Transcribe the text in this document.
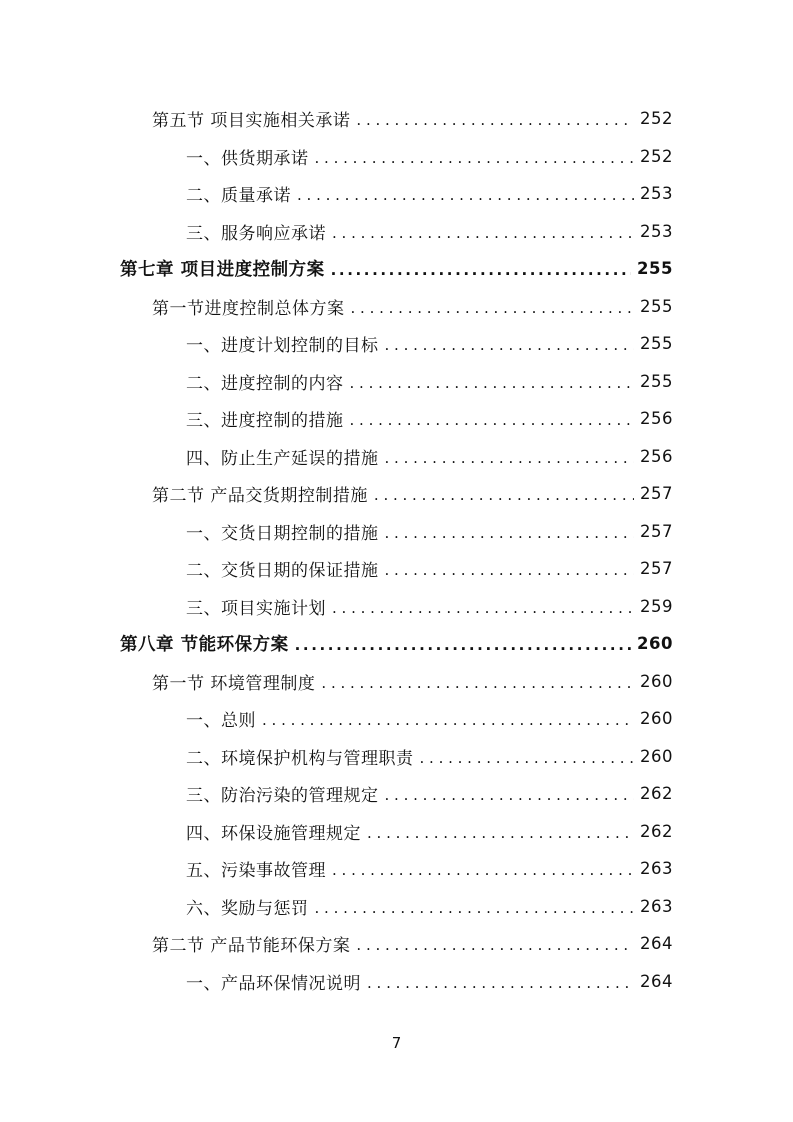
第五节 项目实施相关承诺 . . .	252
一、供货期承诺 . . .	252
二、质量承诺 . . .	253
三、服务响应承诺 . . .	253
第七章 项目进度控制方案 .....	255
第一节进度控制总体方案 . . .	255
一、进度计划控制的目标 . . .	255
二、进度控制的内容 . . .	255
三、进度控制的措施 . . .	256
四、防止生产延误的措施 . . .	256
第二节 产品交货期控制措施 . . .	257
一、交货日期控制的措施 . . .	257
二、交货日期的保证措施 . . .	257
三、项目实施计划 . . .	259
第八章 节能环保方案 .....	260
第一节 环境管理制度 . . .	260
一、总则 . . .	260
二、环境保护机构与管理职责 . . .	260
三、防治污染的管理规定 . . .	262
四、环保设施管理规定 . . .	262
五、污染事故管理 . . .	263
六、奖励与惩罚 . . .	263
第二节 产品节能环保方案 . . .	264
一、产品环保情况说明 . . .	264
7
